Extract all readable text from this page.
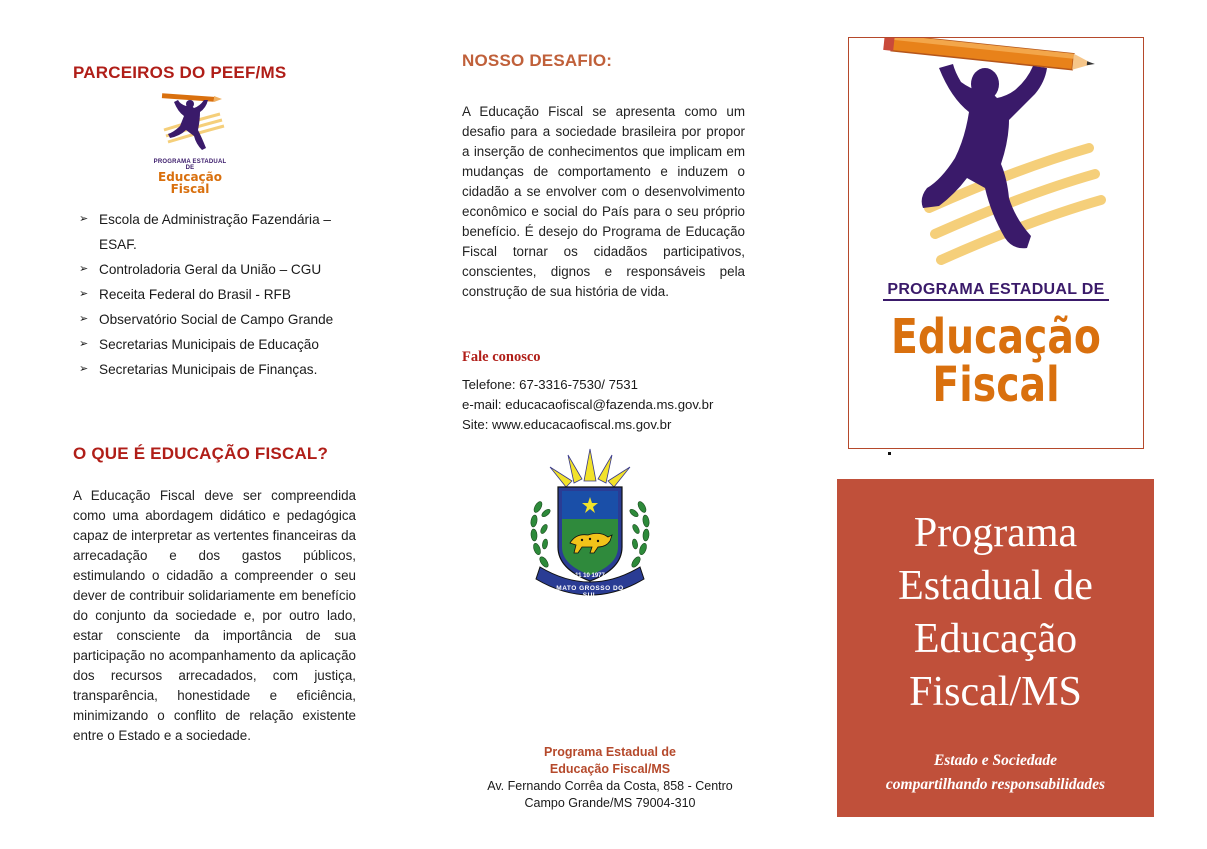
PARCEIROS DO PEEF/MS
PROGRAMA ESTADUAL DE
Educação
Fiscal
➢ Escola de Administração Fazendária – ESAF.
➢ Controladoria Geral da União – CGU
➢ Receita Federal do Brasil - RFB
➢ Observatório Social de Campo Grande
➢ Secretarias Municipais de Educação
➢ Secretarias Municipais de Finanças.
O QUE É EDUCAÇÃO FISCAL?
A Educação Fiscal deve ser compreendida como uma abordagem didático e pedagógica capaz de interpretar as vertentes financeiras da arrecadação e dos gastos públicos, estimulando o cidadão a compreender o seu dever de contribuir solidariamente em benefício do conjunto da sociedade e, por outro lado, estar consciente da importância de sua participação no acompanhamento da aplicação dos recursos arrecadados, com justiça, transparência, honestidade e eficiência, minimizando o conflito de relação existente entre o Estado e a sociedade.
NOSSO DESAFIO:
A Educação Fiscal se apresenta como um desafio para a sociedade brasileira por propor a inserção de conhecimentos que implicam em mudanças de comportamento e induzem o cidadão a se envolver com o desenvolvimento econômico e social do País para o seu próprio benefício. É desejo do Programa de Educação Fiscal tornar os cidadãos participativos, conscientes, dignos e responsáveis pela construção de sua história de vida.
Fale conosco
Telefone: 67-3316-7530/ 7531
e-mail: educacaofiscal@fazenda.ms.gov.br
Site: www.educacaofiscal.ms.gov.br
MATO GROSSO DO SUL
11 10 1977
Programa Estadual de
Educação Fiscal/MS
Av. Fernando Corrêa da Costa, 858 - Centro
Campo Grande/MS 79004-310
PROGRAMA ESTADUAL DE
Educação
Fiscal
Programa
Estadual de
Educação
Fiscal/MS
Estado e Sociedade
compartilhando responsabilidades
